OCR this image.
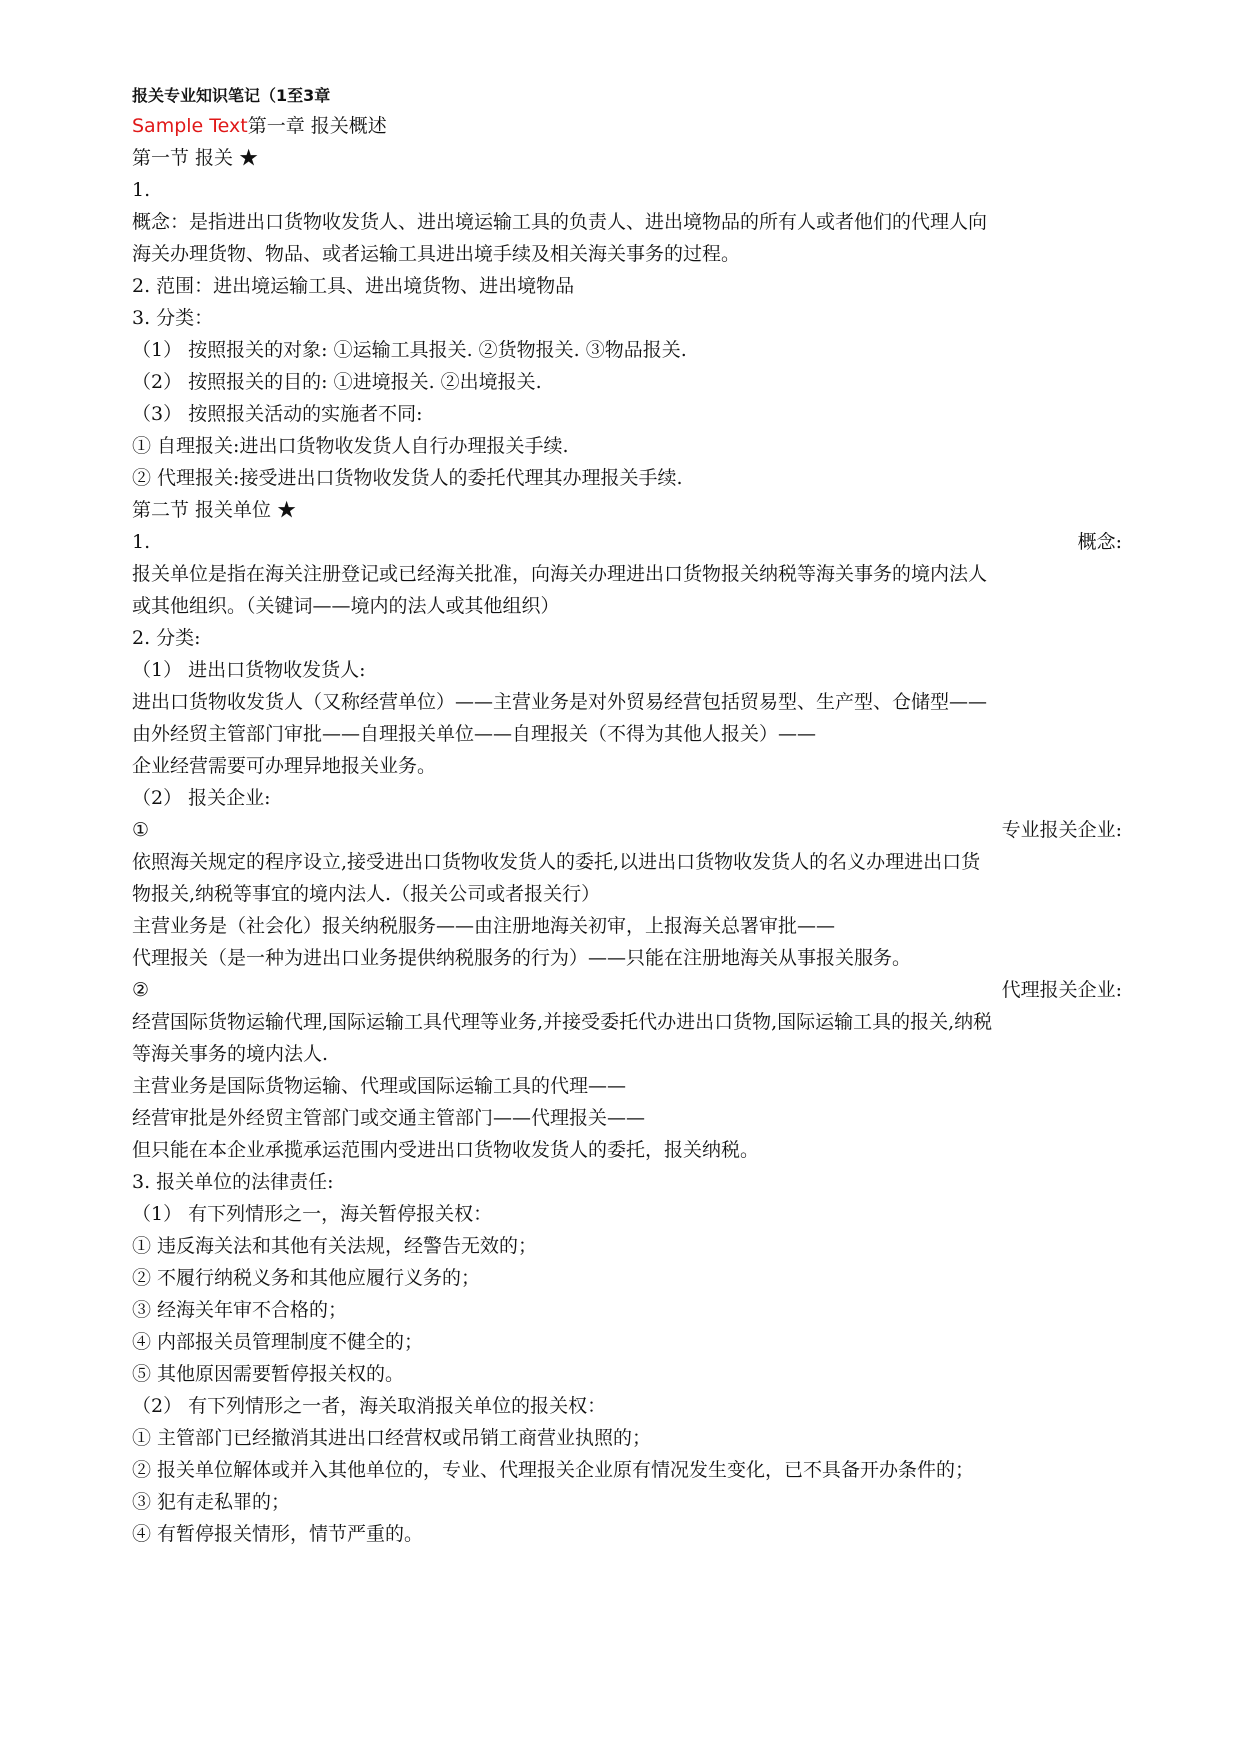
报关专业知识笔记（1至3章
Sample Text第一章 报关概述
第一节 报关 ★
1.
概念：是指进出口货物收发货人、进出境运输工具的负责人、进出境物品的所有人或者他们的代理人向
海关办理货物、物品、或者运输工具进出境手续及相关海关事务的过程。
2. 范围：进出境运输工具、进出境货物、进出境物品
3. 分类：
（1） 按照报关的对象: ①运输工具报关. ②货物报关. ③物品报关.
（2） 按照报关的目的: ①进境报关. ②出境报关.
（3） 按照报关活动的实施者不同:
① 自理报关:进出口货物收发货人自行办理报关手续.
② 代理报关:接受进出口货物收发货人的委托代理其办理报关手续.
第二节 报关单位 ★
1.	概念:
报关单位是指在海关注册登记或已经海关批准，向海关办理进出口货物报关纳税等海关事务的境内法人
或其他组织。（关键词——境内的法人或其他组织）
2. 分类:
（1） 进出口货物收发货人:
进出口货物收发货人（又称经营单位）——主营业务是对外贸易经营包括贸易型、生产型、仓储型——
由外经贸主管部门审批——自理报关单位——自理报关（不得为其他人报关）——
企业经营需要可办理异地报关业务。
（2） 报关企业:
①	专业报关企业:
依照海关规定的程序设立,接受进出口货物收发货人的委托,以进出口货物收发货人的名义办理进出口货
物报关,纳税等事宜的境内法人.（报关公司或者报关行）
主营业务是（社会化）报关纳税服务——由注册地海关初审，上报海关总署审批——
代理报关（是一种为进出口业务提供纳税服务的行为）——只能在注册地海关从事报关服务。
②	代理报关企业:
经营国际货物运输代理,国际运输工具代理等业务,并接受委托代办进出口货物,国际运输工具的报关,纳税
等海关事务的境内法人.
主营业务是国际货物运输、代理或国际运输工具的代理——
经营审批是外经贸主管部门或交通主管部门——代理报关——
但只能在本企业承揽承运范围内受进出口货物收发货人的委托，报关纳税。
3. 报关单位的法律责任:
（1） 有下列情形之一，海关暂停报关权：
① 违反海关法和其他有关法规，经警告无效的；
② 不履行纳税义务和其他应履行义务的；
③ 经海关年审不合格的；
④ 内部报关员管理制度不健全的；
⑤ 其他原因需要暂停报关权的。
（2） 有下列情形之一者，海关取消报关单位的报关权：
① 主管部门已经撤消其进出口经营权或吊销工商营业执照的；
② 报关单位解体或并入其他单位的，专业、代理报关企业原有情况发生变化，已不具备开办条件的；
③ 犯有走私罪的；
④ 有暂停报关情形，情节严重的。
